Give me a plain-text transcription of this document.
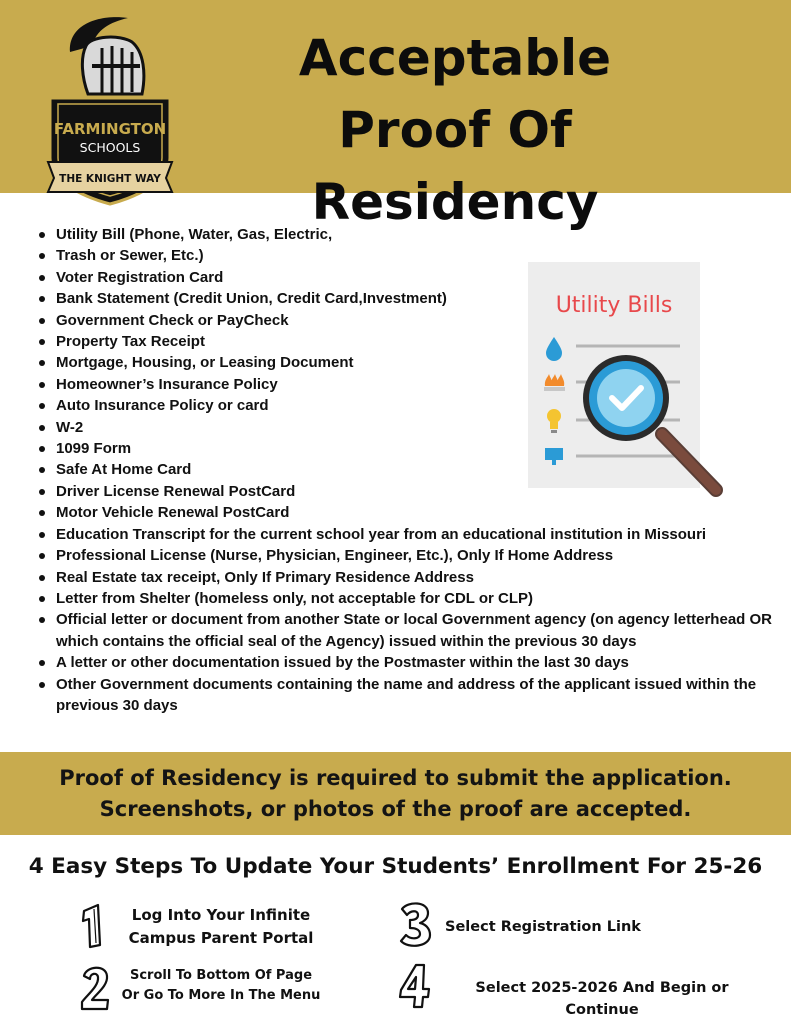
FARMINGTON
SCHOOLS
THE KNIGHT WAY
Acceptable
Proof Of Residency
Utility Bill (Phone, Water, Gas, Electric,
Trash or Sewer, Etc.)
Voter Registration Card
Bank Statement (Credit Union, Credit Card,Investment)
Government Check or PayCheck
Property Tax Receipt
Mortgage, Housing, or Leasing Document
Homeowner’s Insurance Policy
Auto Insurance Policy or card
W-2
1099 Form
Safe At Home Card
Driver License Renewal PostCard
Motor Vehicle Renewal PostCard
Education Transcript for the current school year from an educational institution in Missouri
Professional License (Nurse, Physician, Engineer, Etc.), Only If Home Address
Real Estate tax receipt, Only If Primary Residence Address
Letter from Shelter (homeless only, not acceptable for CDL or CLP)
Official letter or document from another State or local Government agency (on agency letterhead OR which contains the official seal of the Agency) issued within the previous 30 days
A letter or other documentation issued by the Postmaster within the last 30 days
Other Government documents containing the name and address of the applicant issued within the previous 30 days
Utility Bills
Proof of Residency is required to submit the application.
Screenshots, or photos of the proof are accepted.
4 Easy Steps To Update Your Students’ Enrollment For 25-26
Log Into Your Infinite
Campus Parent Portal
Scroll To Bottom Of Page
Or Go To More In The Menu
Select Registration Link
Select 2025-2026 And Begin or Continue
